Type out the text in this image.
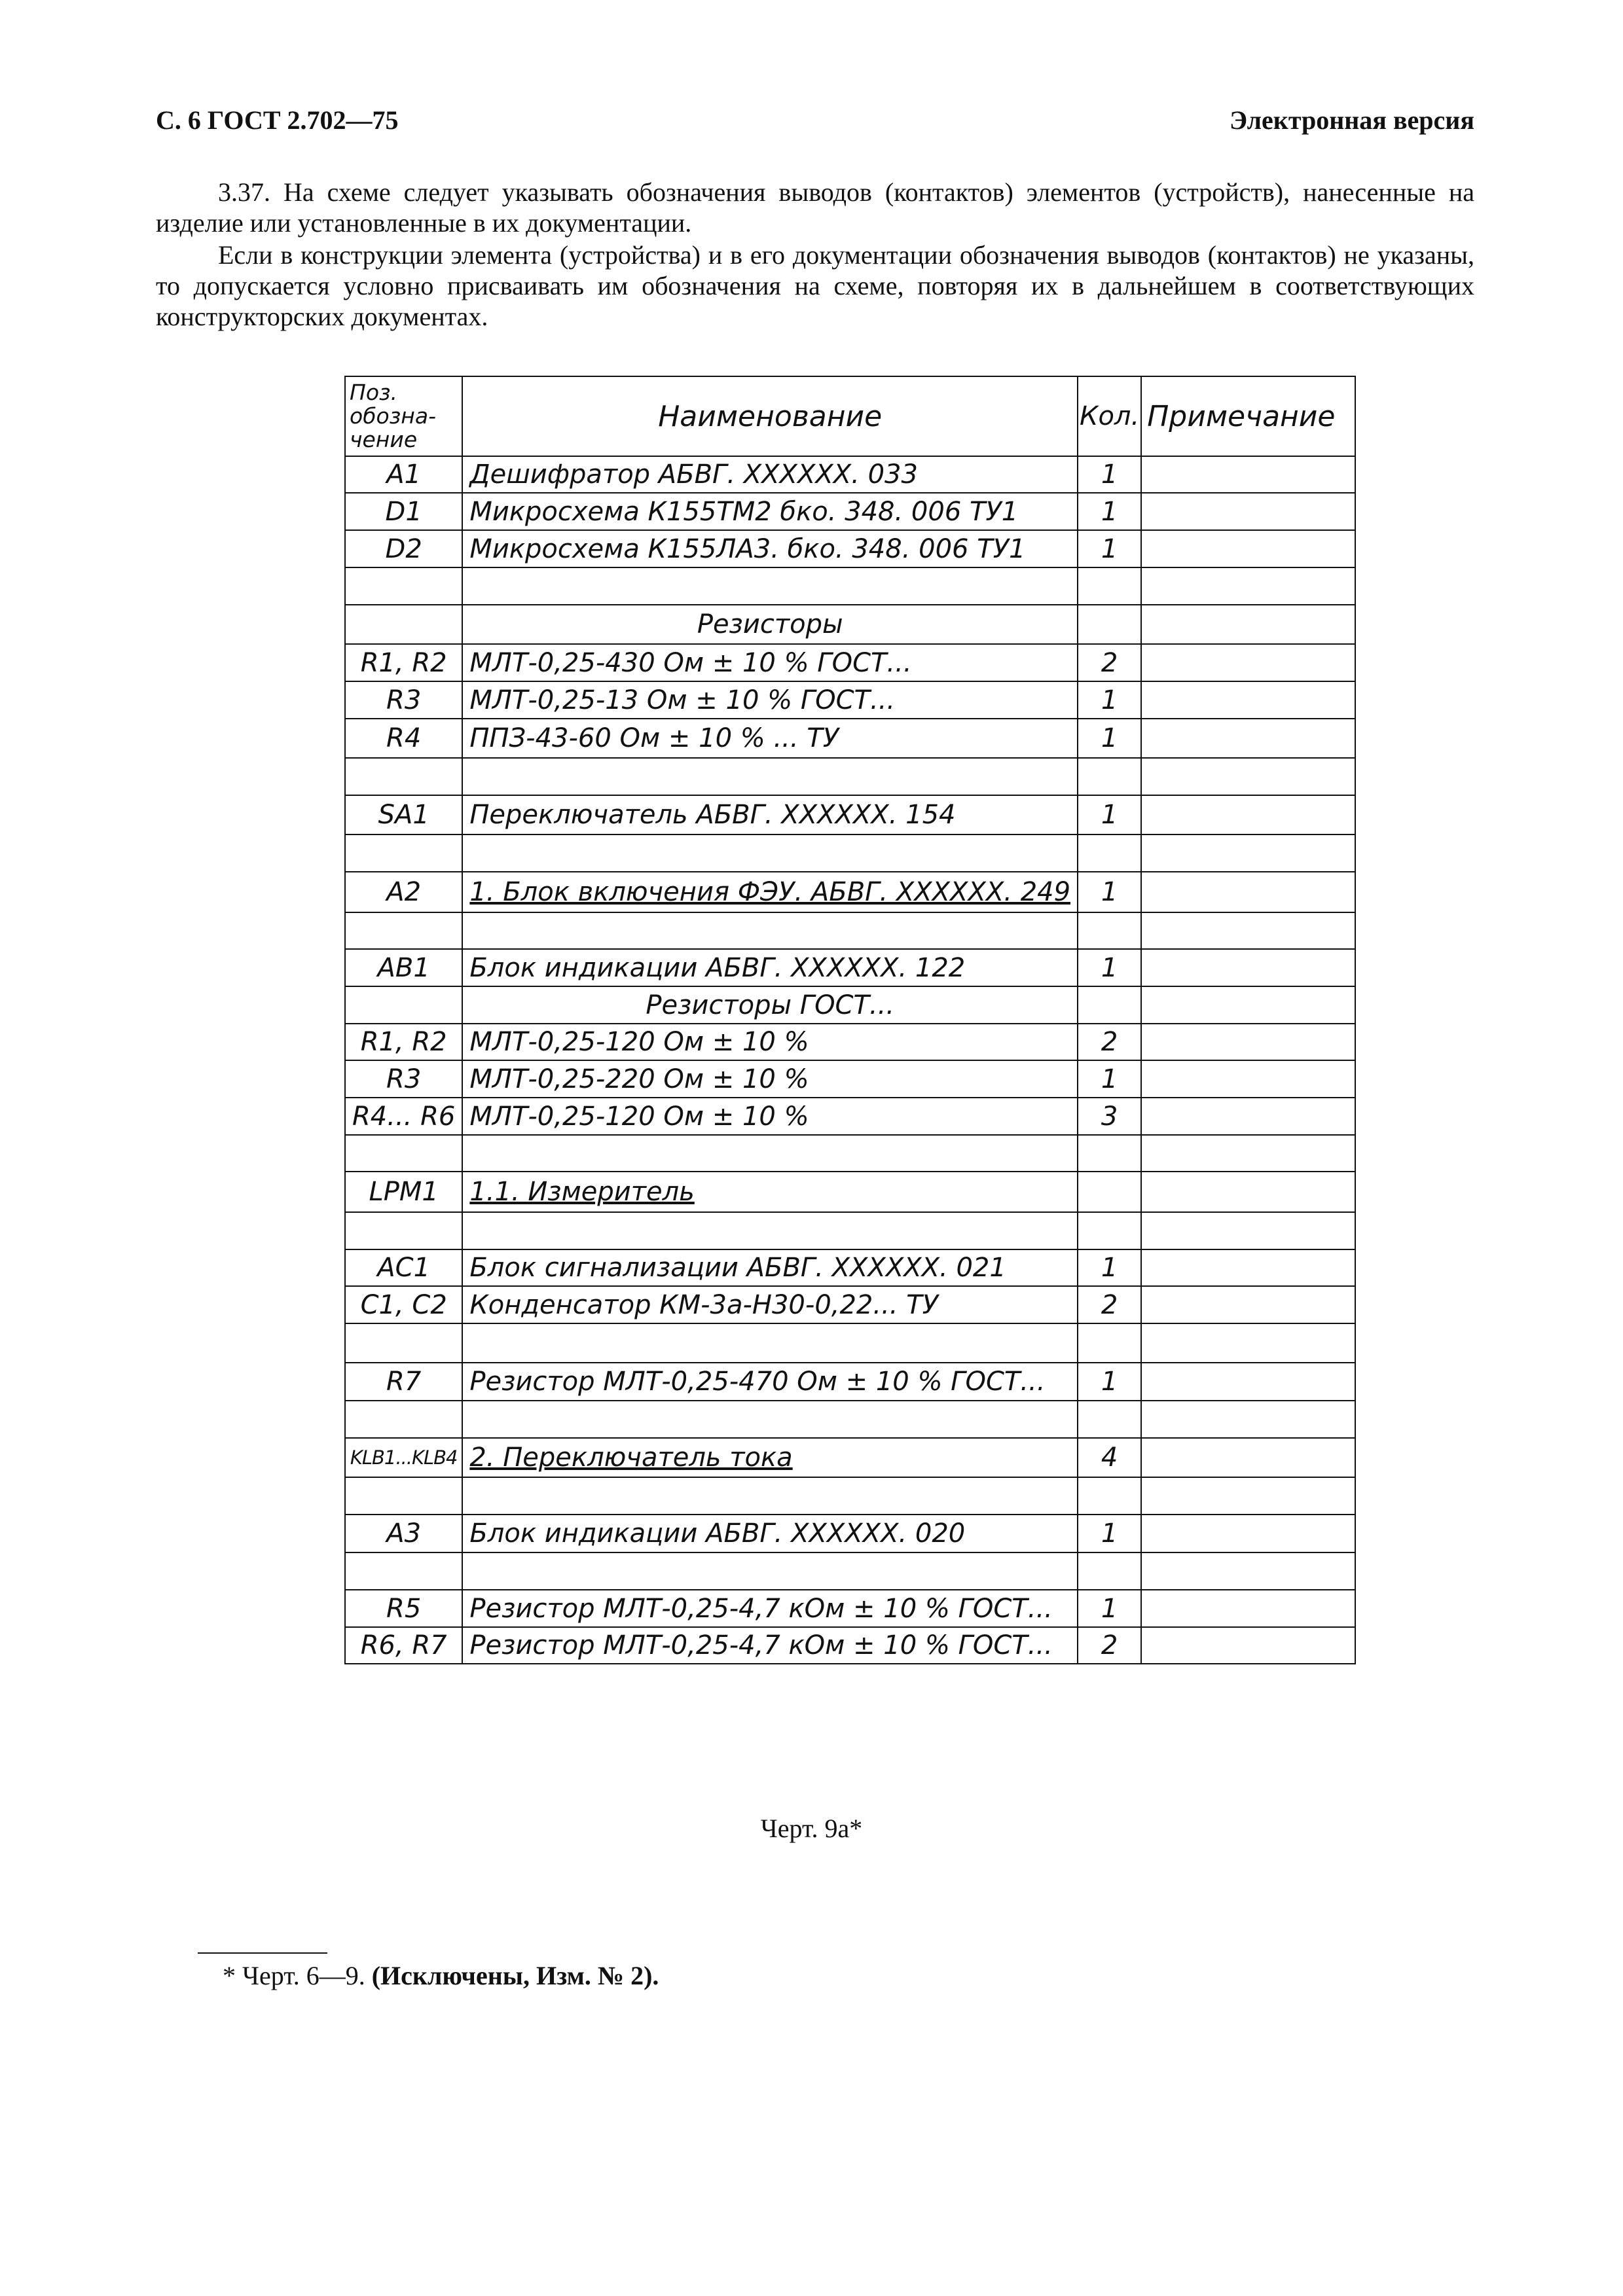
С. 6 ГОСТ 2.702—75	Электронная версия

3.37. На схеме следует указывать обозначения выводов (контактов) элементов (устройств), нанесенные на изделие или установленные в их документации.

Если в конструкции элемента (устройства) и в его документации обозначения выводов (контактов) не указаны, то допускается условно присваивать им обозначения на схеме, повторяя их в дальнейшем в соответствующих конструкторских документах.

Поз. обозна-чение	Наименование	Кол.	Примечание
A1	Дешифратор АБВГ. XXXXXX. 033	1	
D1	Микросхема К155ТМ2 бко. 348. 006 ТУ1	1	
D2	Микросхема К155ЛА3. бко. 348. 006 ТУ1	1	

	Резисторы		
R1, R2	МЛТ-0,25-430 Ом ± 10 % ГОСТ...	2	
R3	МЛТ-0,25-13 Ом ± 10 % ГОСТ...	1	
R4	ППЗ-43-60 Ом ± 10 % ... ТУ	1	

SA1	Переключатель АБВГ. XXXXXX. 154	1	

A2	1. Блок включения ФЭУ. АБВГ. XXXXXX. 249	1	

AB1	Блок индикации АБВГ. XXXXXX. 122	1	
	Резисторы ГОСТ...		
R1, R2	МЛТ-0,25-120 Ом ± 10 %	2	
R3	МЛТ-0,25-220 Ом ± 10 %	1	
R4... R6	МЛТ-0,25-120 Ом ± 10 %	3	

LPM1	1.1. Измеритель		

AC1	Блок сигнализации АБВГ. XXXXXX. 021	1	
C1, C2	Конденсатор КМ-3а-Н30-0,22... ТУ	2	

R7	Резистор МЛТ-0,25-470 Ом ± 10 % ГОСТ...	1	

KLB1...KLB4	2. Переключатель тока	4	

A3	Блок индикации АБВГ. XXXXXX. 020	1	

R5	Резистор МЛТ-0,25-4,7 кОм ± 10 % ГОСТ...	1	
R6, R7	Резистор МЛТ-0,25-4,7 кОм ± 10 % ГОСТ...	2	
Черт. 9а*
* Черт. 6—9. (Исключены, Изм. № 2).
